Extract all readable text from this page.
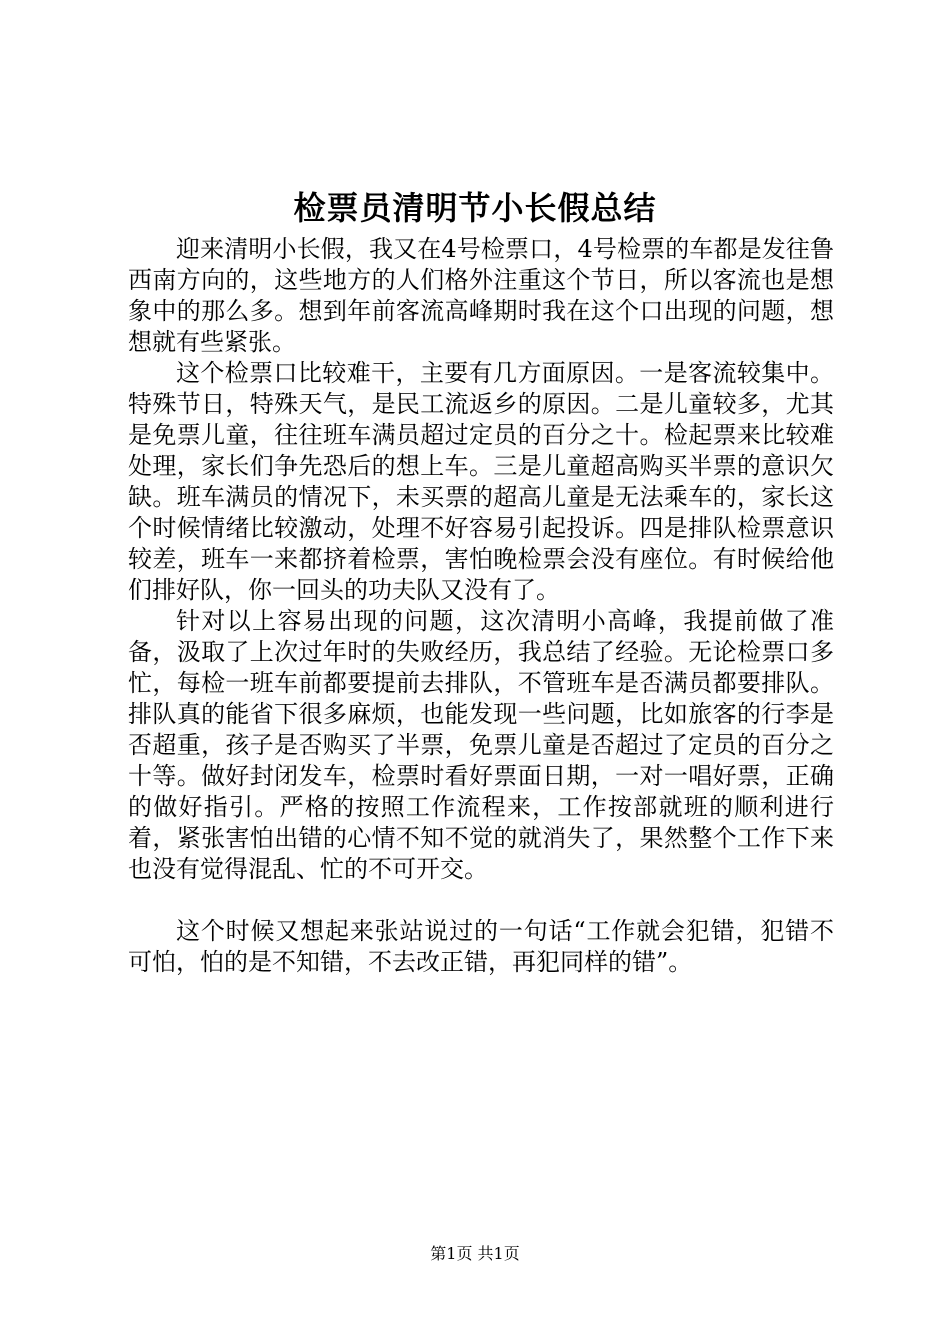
检票员清明节小长假总结

迎来清明小长假，我又在4号检票口，4号检票的车都是发往鲁西南方向的，这些地方的人们格外注重这个节日，所以客流也是想象中的那么多。想到年前客流高峰期时我在这个口出现的问题，想想就有些紧张。

这个检票口比较难干，主要有几方面原因。一是客流较集中。特殊节日，特殊天气，是民工流返乡的原因。二是儿童较多，尤其是免票儿童，往往班车满员超过定员的百分之十。检起票来比较难处理，家长们争先恐后的想上车。三是儿童超高购买半票的意识欠缺。班车满员的情况下，未买票的超高儿童是无法乘车的，家长这个时候情绪比较激动，处理不好容易引起投诉。四是排队检票意识较差，班车一来都挤着检票，害怕晚检票会没有座位。有时候给他们排好队，你一回头的功夫队又没有了。

针对以上容易出现的问题，这次清明小高峰，我提前做了准备，汲取了上次过年时的失败经历，我总结了经验。无论检票口多忙，每检一班车前都要提前去排队，不管班车是否满员都要排队。排队真的能省下很多麻烦，也能发现一些问题，比如旅客的行李是否超重，孩子是否购买了半票，免票儿童是否超过了定员的百分之十等。做好封闭发车，检票时看好票面日期，一对一唱好票，正确的做好指引。严格的按照工作流程来，工作按部就班的顺利进行着，紧张害怕出错的心情不知不觉的就消失了，果然整个工作下来也没有觉得混乱、忙的不可开交。

这个时候又想起来张站说过的一句话“工作就会犯错，犯错不可怕，怕的是不知错，不去改正错，再犯同样的错”。

第1页 共1页
